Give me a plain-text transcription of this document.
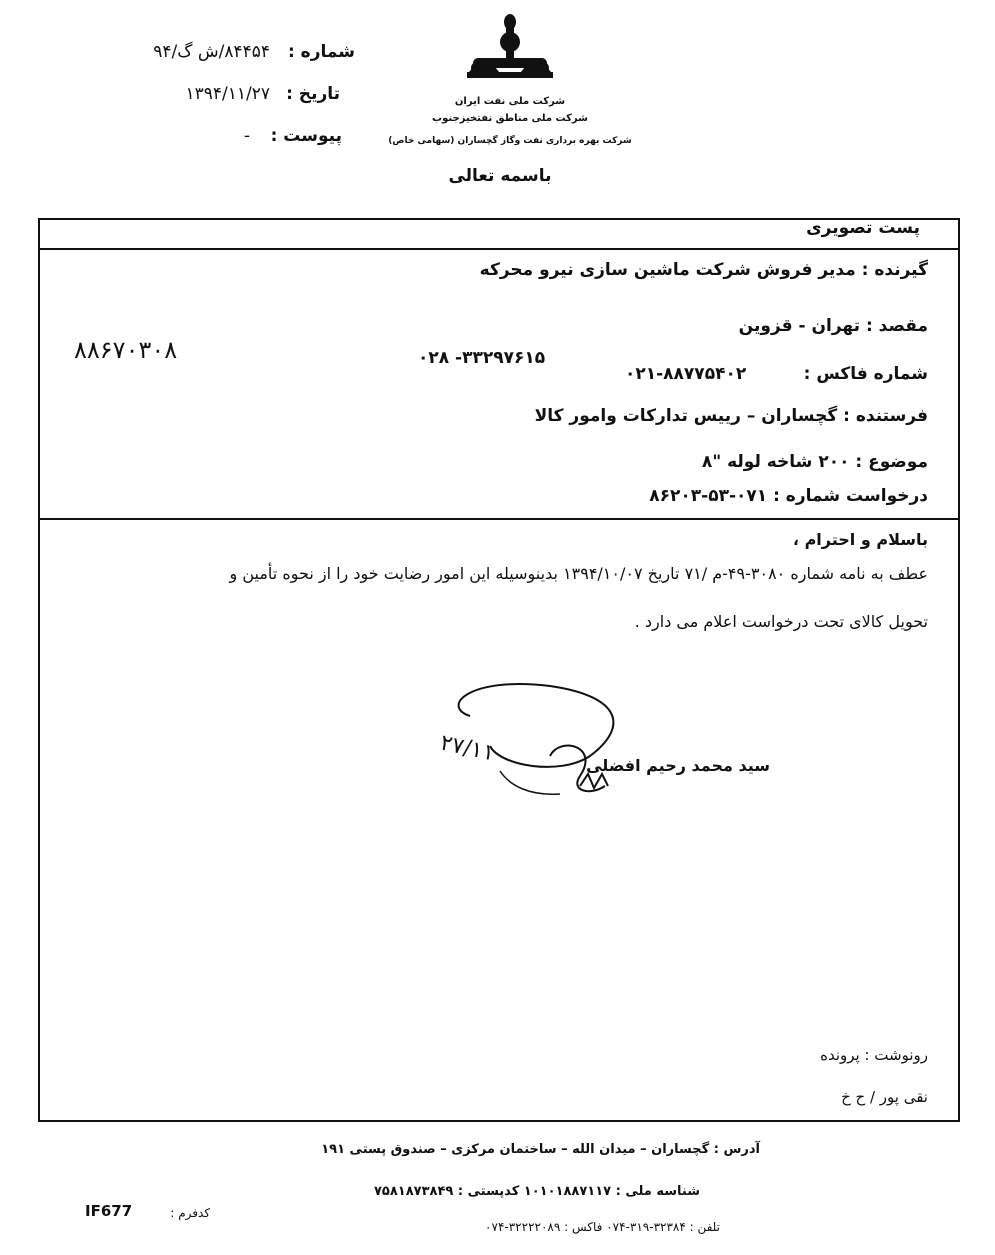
شرکت ملی نفت ایران
شرکت ملی مناطق نفتخیزجنوب
شرکت بهره برداری نفت وگاز گچساران (سهامی خاص)
باسمه تعالی
شماره :
۸۴۴۵۴/ش گ/۹۴
تاریخ :
۱۳۹۴/۱۱/۲۷
پیوست :
-
پست تصویری
گیرنده : مدیر فروش شرکت ماشین سازی نیرو محرکه
مقصد : تهران - قزوین
شماره فاکس :
۰۲۱-۸۸۷۷۵۴۰۲
۰۲۸ -۳۳۲۹۷۶۱۵
۸۸۶۷۰۳۰۸
فرستنده : گچساران – رییس تدارکات وامور کالا
موضوع : ۲۰۰ شاخه لوله "۸
درخواست شماره : ۰۷۱-۵۳-۸۶۲۰۳
باسلام و احترام ،
عطف به نامه شماره ۳۰۸۰-۴۹-م /۷۱ تاریخ ۱۳۹۴/۱۰/۰۷ بدینوسیله این امور رضایت خود را از نحوه تأمین و
تحویل کالای تحت درخواست اعلام می دارد .
۲۷/۱۱	سید محمد رحیم افضلی
رونوشت : پرونده
نقی پور / ح خ
آدرس : گچساران – میدان الله – ساختمان مرکزی – صندوق پستی ۱۹۱
شناسه ملی : ۱۰۱۰۱۸۸۷۱۱۷ کدپستی : ۷۵۸۱۸۷۳۸۴۹
تلفن : ۳۲۳۸۴-۳۱۹-۰۷۴ فاکس : ۳۲۲۲۲۰۸۹-۰۷۴
کدفرم :
IF677
